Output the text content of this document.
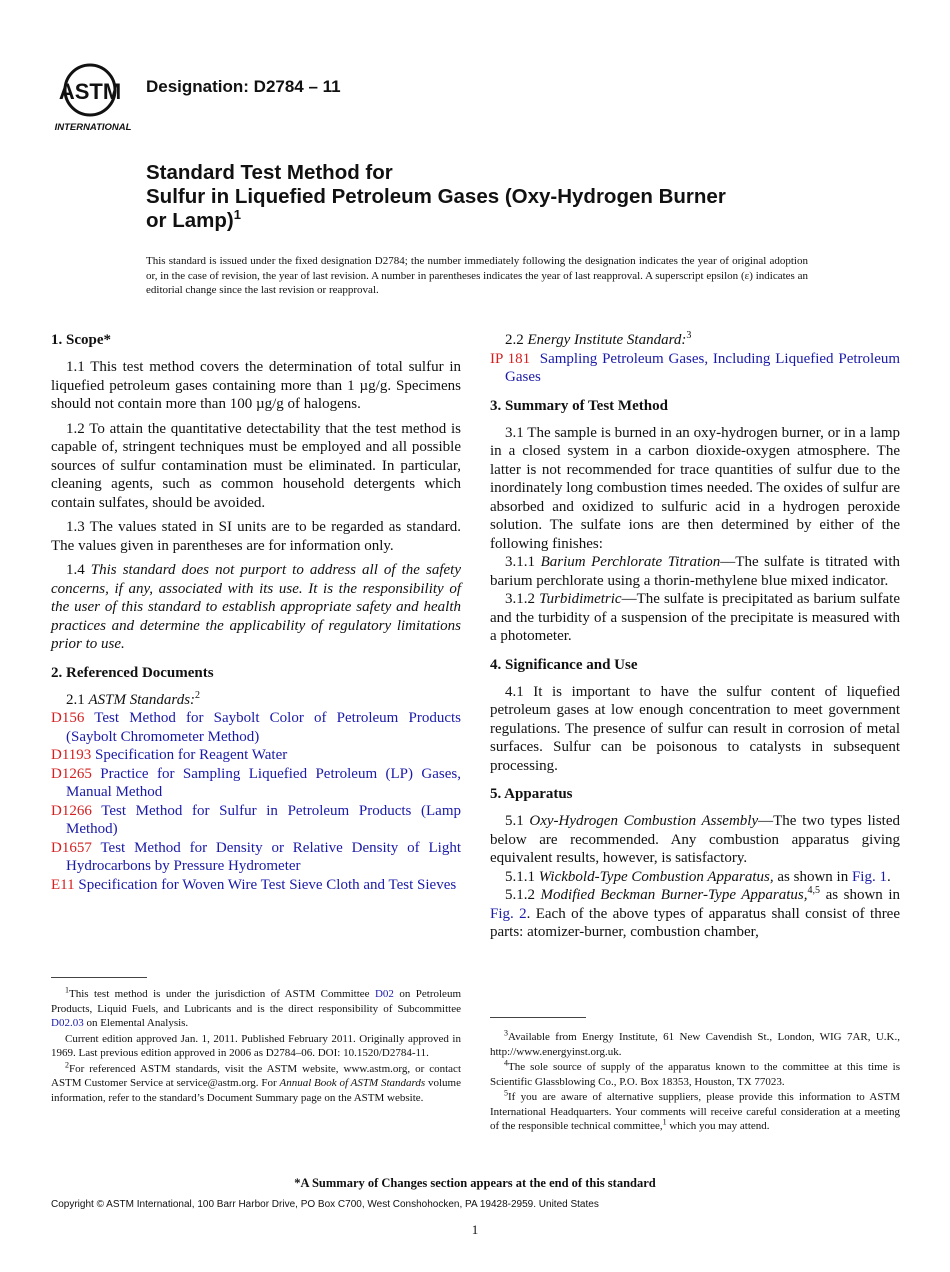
ASTM
INTERNATIONAL
Designation: D2784 – 11
Standard Test Method for
Sulfur in Liquefied Petroleum Gases (Oxy-Hydrogen Burner
or Lamp)$^1$
This standard is issued under the fixed designation D2784; the number immediately following the designation indicates the year of original adoption or, in the case of revision, the year of last revision. A number in parentheses indicates the year of last reapproval. A superscript epsilon (ε) indicates an editorial change since the last revision or reapproval.
1. Scope*

1.1 This test method covers the determination of total sulfur in liquefied petroleum gases containing more than 1 µg/g. Specimens should not contain more than 100 µg/g of halogens.

1.2 To attain the quantitative detectability that the test method is capable of, stringent techniques must be employed and all possible sources of sulfur contamination must be eliminated. In particular, cleaning agents, such as common household detergents which contain sulfates, should be avoided.

1.3 The values stated in SI units are to be regarded as standard. The values given in parentheses are for information only.

1.4 This standard does not purport to address all of the safety concerns, if any, associated with its use. It is the responsibility of the user of this standard to establish appropriate safety and health practices and determine the applicability of regulatory limitations prior to use.

2. Referenced Documents

2.1 ASTM Standards:$^2$

D156 Test Method for Saybolt Color of Petroleum Products (Saybolt Chromometer Method)
D1193 Specification for Reagent Water
D1265 Practice for Sampling Liquefied Petroleum (LP) Gases, Manual Method
D1266 Test Method for Sulfur in Petroleum Products (Lamp Method)
D1657 Test Method for Density or Relative Density of Light Hydrocarbons by Pressure Hydrometer
E11 Specification for Woven Wire Test Sieve Cloth and Test Sieves

2.2 Energy Institute Standard:$^3$

IP 181 Sampling Petroleum Gases, Including Liquefied Petroleum Gases
3. Summary of Test Method

3.1 The sample is burned in an oxy-hydrogen burner, or in a lamp in a closed system in a carbon dioxide-oxygen atmosphere. The latter is not recommended for trace quantities of sulfur due to the inordinately long combustion times needed. The oxides of sulfur are absorbed and oxidized to sulfuric acid in a hydrogen peroxide solution. The sulfate ions are then determined by either of the following finishes:

3.1.1 Barium Perchlorate Titration—The sulfate is titrated with barium perchlorate using a thorin-methylene blue mixed indicator.

3.1.2 Turbidimetric—The sulfate is precipitated as barium sulfate and the turbidity of a suspension of the precipitate is measured with a photometer.

4. Significance and Use

4.1 It is important to have the sulfur content of liquefied petroleum gases at low enough concentration to meet government regulations. The presence of sulfur can result in corrosion of metal surfaces. Sulfur can be poisonous to catalysts in subsequent processing.

5. Apparatus

5.1 Oxy-Hydrogen Combustion Assembly—The two types listed below are recommended. Any combustion apparatus giving equivalent results, however, is satisfactory.

5.1.1 Wickbold-Type Combustion Apparatus, as shown in Fig. 1.

5.1.2 Modified Beckman Burner-Type Apparatus,$^{4,5}$ as shown in Fig. 2. Each of the above types of apparatus shall consist of three parts: atomizer-burner, combustion chamber,

$^1$This test method is under the jurisdiction of ASTM Committee D02 on Petroleum Products, Liquid Fuels, and Lubricants and is the direct responsibility of Subcommittee D02.03 on Elemental Analysis.

Current edition approved Jan. 1, 2011. Published February 2011. Originally approved in 1969. Last previous edition approved in 2006 as D2784–06. DOI: 10.1520/D2784-11.

$^2$For referenced ASTM standards, visit the ASTM website, www.astm.org, or contact ASTM Customer Service at service@astm.org. For Annual Book of ASTM Standards volume information, refer to the standard’s Document Summary page on the ASTM website.

$^3$Available from Energy Institute, 61 New Cavendish St., London, WIG 7AR, U.K., http://www.energyinst.org.uk.

$^4$The sole source of supply of the apparatus known to the committee at this time is Scientific Glassblowing Co., P.O. Box 18353, Houston, TX 77023.

$^5$If you are aware of alternative suppliers, please provide this information to ASTM International Headquarters. Your comments will receive careful consideration at a meeting of the responsible technical committee,$^1$ which you may attend.

*A Summary of Changes section appears at the end of this standard
Copyright © ASTM International, 100 Barr Harbor Drive, PO Box C700, West Conshohocken, PA 19428-2959. United States
1
